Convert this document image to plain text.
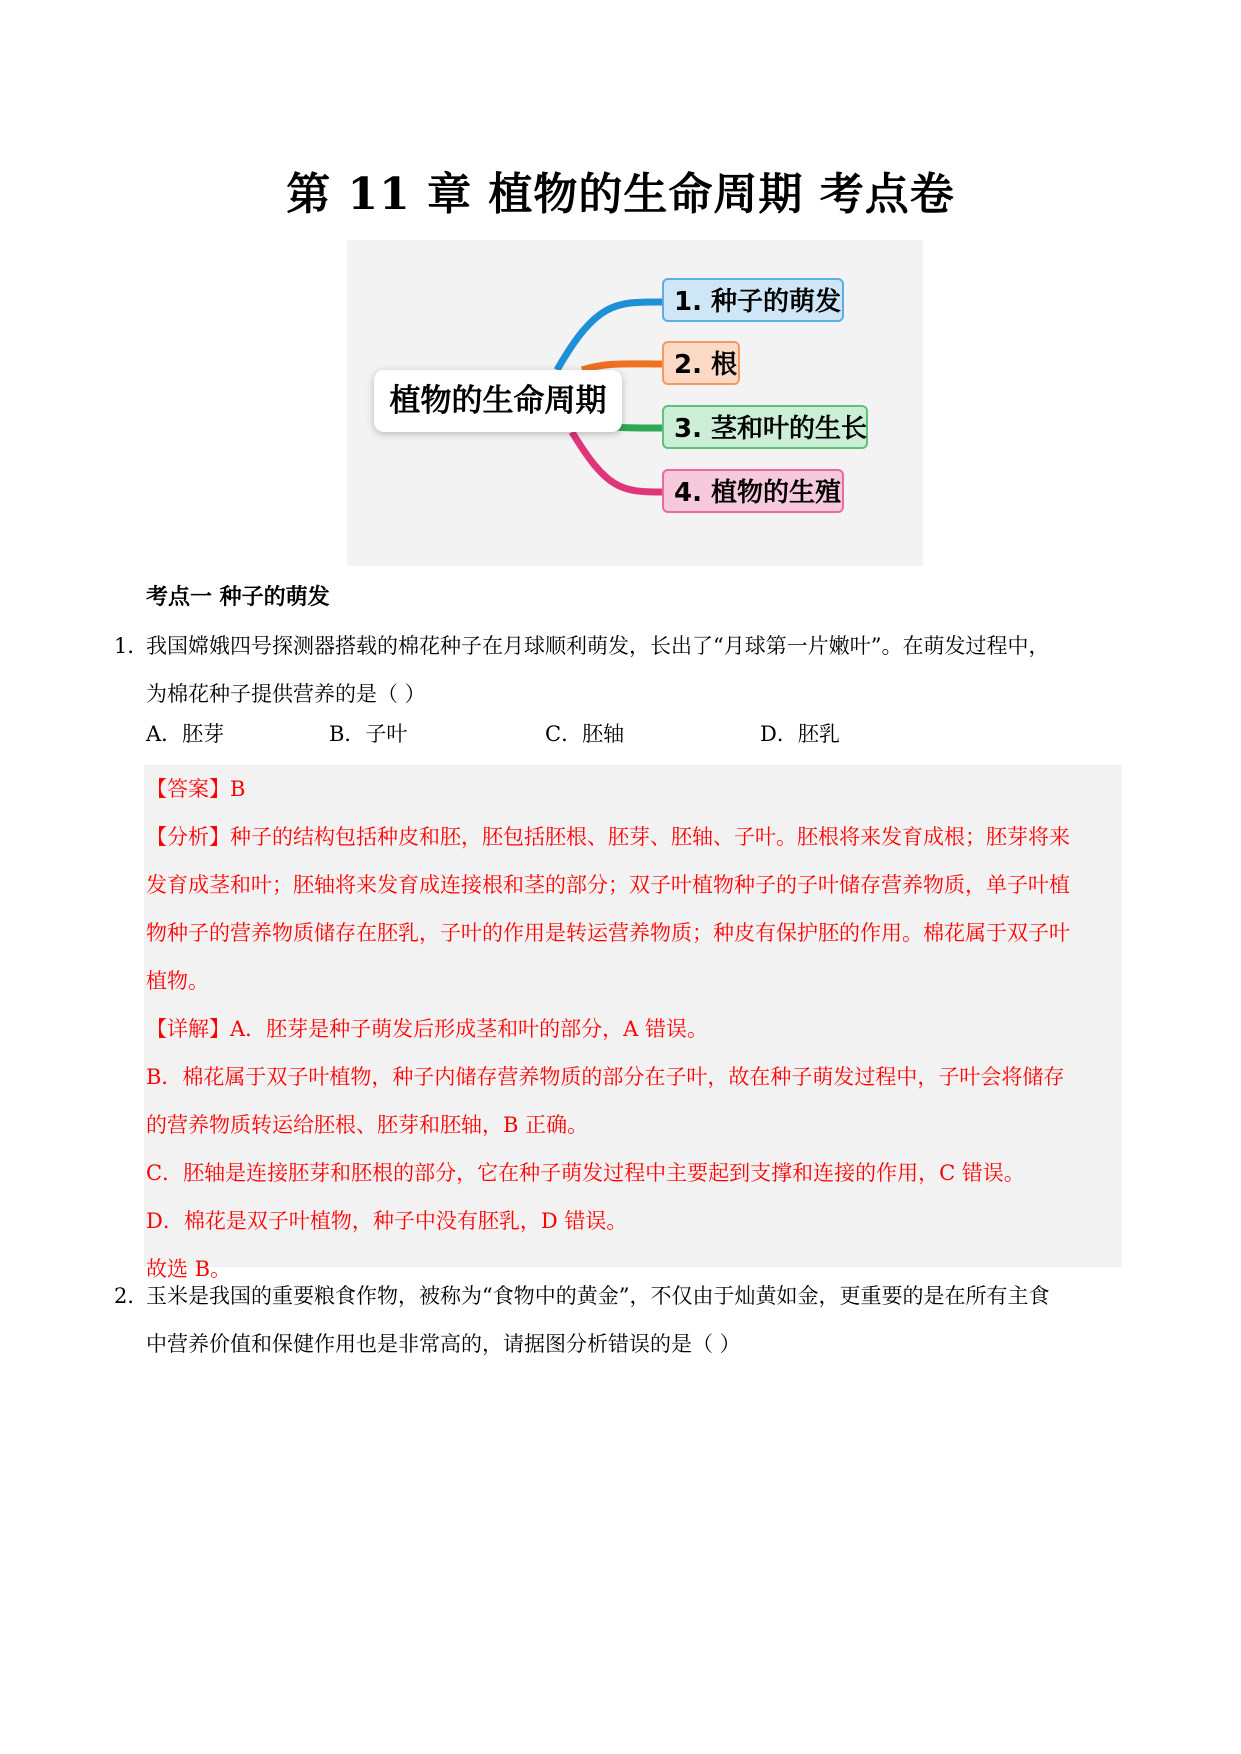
第 11 章 植物的生命周期 考点卷
植物的生命周期
1. 种子的萌发
2. 根
3. 茎和叶的生长
4. 植物的生殖
考点一 种子的萌发
1．
我国嫦娥四号探测器搭载的棉花种子在月球顺利萌发，长出了“月球第一片嫩叶”。在萌发过程中，
为棉花种子提供营养的是（ ）
A．胚芽	B．子叶	C．胚轴	D．胚乳

【答案】B

【分析】种子的结构包括种皮和胚，胚包括胚根、胚芽、胚轴、子叶。胚根将来发育成根；胚芽将来

发育成茎和叶；胚轴将来发育成连接根和茎的部分；双子叶植物种子的子叶储存营养物质，单子叶植

物种子的营养物质储存在胚乳，子叶的作用是转运营养物质；种皮有保护胚的作用。棉花属于双子叶

植物。

【详解】A．胚芽是种子萌发后形成茎和叶的部分，A 错误。

B．棉花属于双子叶植物，种子内储存营养物质的部分在子叶，故在种子萌发过程中，子叶会将储存

的营养物质转运给胚根、胚芽和胚轴，B 正确。

C．胚轴是连接胚芽和胚根的部分，它在种子萌发过程中主要起到支撑和连接的作用，C 错误。

D．棉花是双子叶植物，种子中没有胚乳，D 错误。

故选 B。

2．
玉米是我国的重要粮食作物，被称为“食物中的黄金”，不仅由于灿黄如金，更重要的是在所有主食
中营养价值和保健作用也是非常高的，请据图分析错误的是（ ）
